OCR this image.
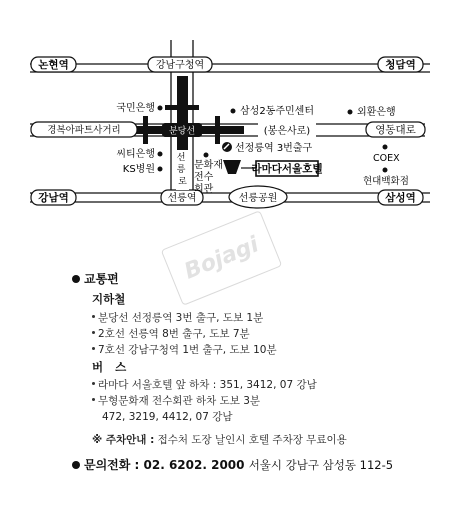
논현역	강남구청역	청담역
강남역	선릉역	삼성역
경복아파트사거리	분당선	(봉은사로)	영동대로
선 릉 로
국민은행
씨티은행
KS병원
삼성2동주민센터	외환은행
COEX
현대백화점
문화재 전수 회관
선정릉역 3번출구
라마다서울호텔
선릉공원
Bojagi
교통편
지하철
분당선 선정릉역 3번 출구, 도보 1분
2호선 선릉역 8번 출구, 도보 7분
7호선 강남구청역 1번 출구, 도보 10분
버 스
라마다 서울호텔 앞 하차 : 351, 3412, 07 강남
무형문화재 전수회관 하차 도보 3분
472, 3219, 4412, 07 강남
※ 주차안내 : 접수처 도장 날인시 호텔 주차장 무료이용
문의전화 : 02. 6202. 2000 서울시 강남구 삼성동 112-5
